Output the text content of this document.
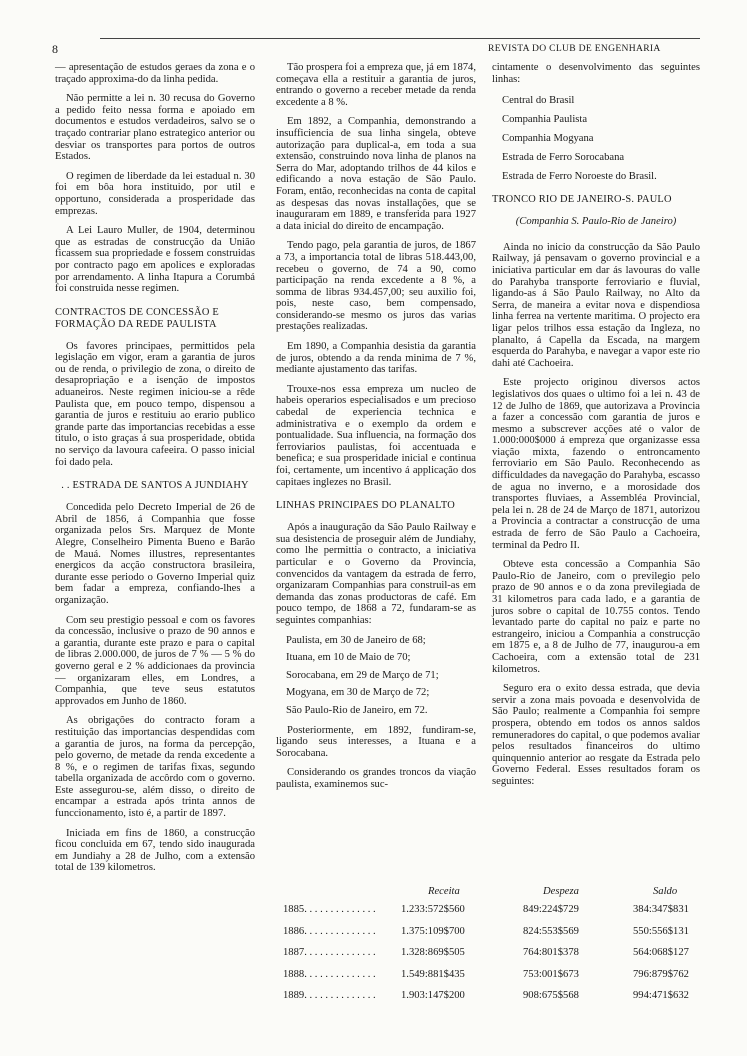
8	REVISTA DO CLUB DE ENGENHARIA

— apresentação de estudos geraes da zona e o traçado approxima-do da linha pedida.

Não permitte a lei n. 30 recusa do Governo a pedido feito nessa forma e apoiado em documentos e estudos verdadeiros, salvo se o traçado contrariar plano estrategico anterior ou desviar os transportes para portos de outros Estados.

O regimen de liberdade da lei estadual n. 30 foi em bôa hora instituido, por util e opportuno, considerada a prosperidade das emprezas.

A Lei Lauro Muller, de 1904, determinou que as estradas de construcção da União ficassem sua propriedade e fossem construidas por contracto pago em apolices e exploradas por arrendamento. A linha Itapura a Corumbá foi construida nesse regimen.

CONTRACTOS DE CONCESSÃO E FORMAÇÃO DA REDE PAULISTA

Os favores principaes, permittidos pela legislação em vigor, eram a garantia de juros ou de renda, o privilegio de zona, o direito de desapropriação e a isenção de impostos aduaneiros. Neste regimen iniciou-se a rêde Paulista que, em pouco tempo, dispensou a garantia de juros e restituiu ao erario publico grande parte das importancias recebidas a esse titulo, o isto graças á sua prosperidade, obtida no serviço da lavoura cafeeira. O passo inicial foi dado pela.

. . ESTRADA DE SANTOS A JUNDIAHY

Concedida pelo Decreto Imperial de 26 de Abril de 1856, á Companhia que fosse organizada pelos Srs. Marquez de Monte Alegre, Conselheiro Pimenta Bueno e Barão de Mauá. Nomes illustres, representantes energicos da acção constructora brasileira, durante esse periodo o Governo Imperial quiz bem fadar a empreza, confiando-lhes a organização.

Com seu prestigio pessoal e com os favores da concessão, inclusive o prazo de 90 annos e a garantia, durante este prazo e para o capital de libras 2.000.000, de juros de 7 % — 5 % do governo geral e 2 % addicionaes da provincia — organizaram elles, em Londres, a Companhia, que teve seus estatutos approvados em Junho de 1860.

As obrigações do contracto foram a restituição das importancias despendidas com a garantia de juros, na forma da percepção, pelo governo, de metade da renda excedente a 8 %, e o regimen de tarifas fixas, segundo tabella organizada de accôrdo com o governo. Este assegurou-se, além disso, o direito de encampar a estrada após trinta annos de funccionamento, isto é, a partir de 1897.

Iniciada em fins de 1860, a construcção ficou concluida em 67, tendo sido inaugurada em Jundiahy a 28 de Julho, com a extensão total de 139 kilometros.

Tão prospera foi a empreza que, já em 1874, começava ella a restituir a garantia de juros, entrando o governo a receber metade da renda excedente a 8 %.

Em 1892, a Companhia, demonstrando a insufficiencia de sua linha singela, obteve autorização para duplical-a, em toda a sua extensão, construindo nova linha de planos na Serra do Mar, adoptando trilhos de 44 kilos e edificando a nova estação de São Paulo. Foram, então, reconhecidas na conta de capital as despesas das novas installações, que se inauguraram em 1889, e transferida para 1927 a data inicial do direito de encampação.

Tendo pago, pela garantia de juros, de 1867 a 73, a importancia total de libras 518.443,00, recebeu o governo, de 74 a 90, como participação na renda excedente a 8 %, a somma de libras 934.457,00; seu auxilio foi, pois, neste caso, bem compensado, considerando-se mesmo os juros das varias prestações realizadas.

Em 1890, a Companhia desistia da garantia de juros, obtendo a da renda minima de 7 %, mediante ajustamento das tarifas.

Trouxe-nos essa empreza um nucleo de habeis operarios especialisados e um precioso cabedal de experiencia technica e administrativa e o exemplo da ordem e pontualidade. Sua influencia, na formação dos ferroviarios paulistas, foi accentuada e benefica; e sua prosperidade inicial e continua foi, certamente, um incentivo á applicação dos capitaes inglezes no Brasil.

LINHAS PRINCIPAES DO PLANALTO

Após a inauguração da São Paulo Railway e sua desistencia de proseguir além de Jundiahy, como lhe permittia o contracto, a iniciativa particular e o Governo da Provincia, convencidos da vantagem da estrada de ferro, organizaram Companhias para construil-as em demanda das zonas productoras de café. Em pouco tempo, de 1868 a 72, fundaram-se as seguintes companhias:

Paulista, em 30 de Janeiro de 68;
Ituana, em 10 de Maio de 70;
Sorocabana, em 29 de Março de 71;
Mogyana, em 30 de Março de 72;
São Paulo-Rio de Janeiro, em 72.

Posteriormente, em 1892, fundiram-se, ligando seus interesses, a Ituana e a Sorocabana.

Considerando os grandes troncos da viação paulista, examinemos suc-

cintamente o desenvolvimento das seguintes linhas:

Central do Brasil
Companhia Paulista
Companhia Mogyana
Estrada de Ferro Sorocabana
Estrada de Ferro Noroeste do Brasil.
TRONCO RIO DE JANEIRO-S. PAULO
(Companhia S. Paulo-Rio de Janeiro)

Ainda no inicio da construcção da São Paulo Railway, já pensavam o governo provincial e a iniciativa particular em dar ás lavouras do valle do Parahyba transporte ferroviario e fluvial, ligando-as á São Paulo Railway, no Alto da Serra, de maneira a evitar nova e dispendiosa linha ferrea na vertente maritima. O projecto era ligar pelos trilhos essa estação da Ingleza, no planalto, á Capella da Escada, na margem esquerda do Parahyba, e navegar a vapor este rio dahi até Cachoeira.

Este projecto originou diversos actos legislativos dos quaes o ultimo foi a lei n. 43 de 12 de Julho de 1869, que autorizava a Provincia a fazer a concessão com garantia de juros e mesmo a subscrever acções até o valor de 1.000:000$000 á empreza que organizasse essa viação mixta, fazendo o entroncamento ferroviario em São Paulo. Reconhecendo as difficuldades da navegação do Parahyba, escasso de agua no inverno, e a morosidade dos transportes fluviaes, a Assembléa Provincial, pela lei n. 28 de 24 de Março de 1871, autorizou a Provincia a contractar a construcção de uma estrada de ferro de São Paulo a Cachoeira, terminal da Pedro II.

Obteve esta concessão a Companhia São Paulo-Rio de Janeiro, com o previlegio pelo prazo de 90 annos e o da zona previlegiada de 31 kilometros para cada lado, e a garantia de juros sobre o capital de 10.755 contos. Tendo levantado parte do capital no paiz e parte no estrangeiro, iniciou a Companhia a construcção em 1875 e, a 8 de Julho de 77, inaugurou-a em Cachoeira, com a extensão total de 231 kilometros.

Seguro era o exito dessa estrada, que devia servir a zona mais povoada e desenvolvida de São Paulo; realmente a Companhia foi sempre prospera, obtendo em todos os annos saldos remuneradores do capital, o que podemos avaliar pelos resultados financeiros do ultimo quinquennio anterior ao resgate da Estrada pelo Governo Federal. Esses resultados foram os seguintes:

Receita	Despeza	Saldo
1885. . . . . . . . . . . . . . 1.233:572$560	849:224$729	384:347$831
1886. . . . . . . . . . . . . . 1.375:109$700	824:553$569	550:556$131
1887. . . . . . . . . . . . . . 1.328:869$505	764:801$378	564:068$127
1888. . . . . . . . . . . . . . 1.549:881$435	753:001$673	796:879$762
1889. . . . . . . . . . . . . . 1.903:147$200	908:675$568	994:471$632
